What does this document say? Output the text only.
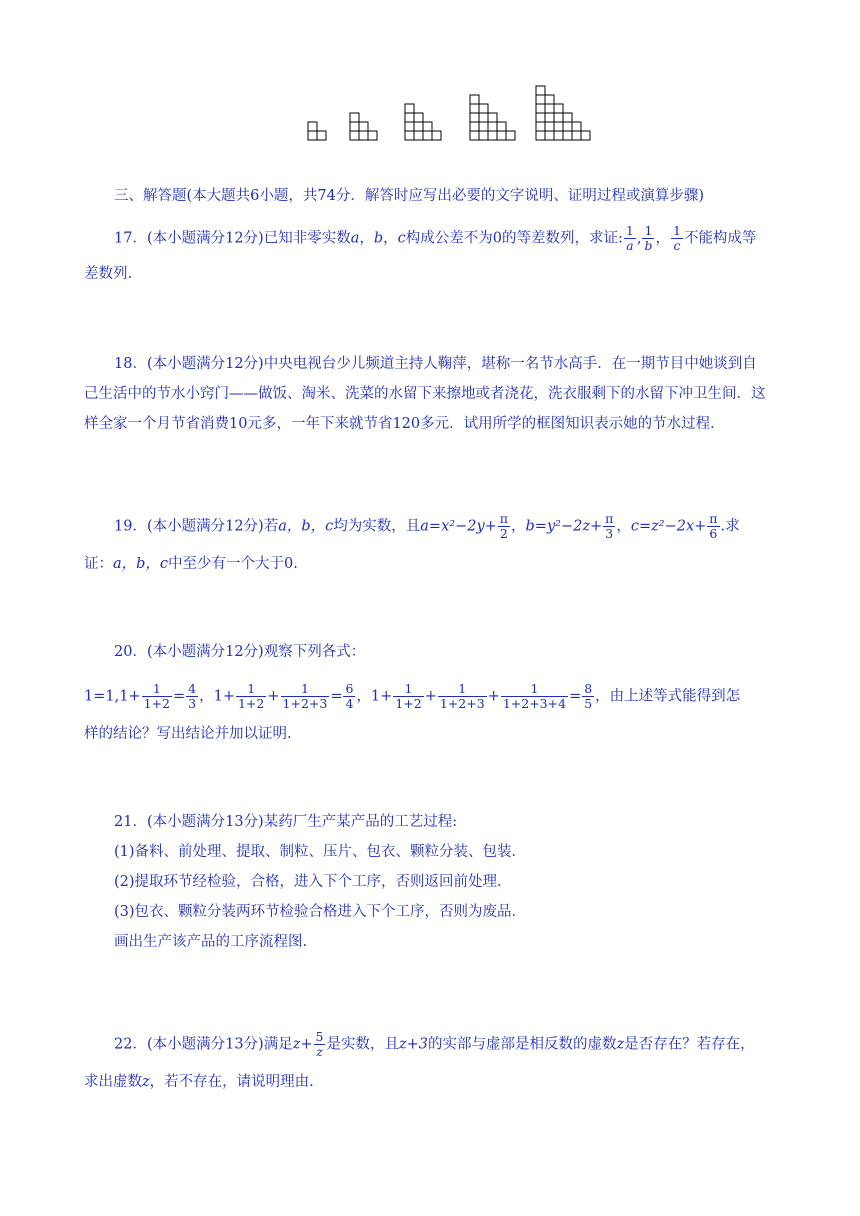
三、解答题(本大题共6小题，共74分．解答时应写出必要的文字说明、证明过程或演算步骤)
17．(本小题满分12分)已知非零实数a，b，c构成公差不为0的等差数列，求证: $\frac{1}{a}$ , $\frac{1}{b}$ ， $\frac{1}{c}$ 不能构成等
差数列.
18．(本小题满分12分)中央电视台少儿频道主持人鞠萍，堪称一名节水高手．在一期节目中她谈到自
己生活中的节水小窍门——做饭、淘米、洗菜的水留下来擦地或者浇花，洗衣服剩下的水留下冲卫生间．这
样全家一个月节省消费10元多，一年下来就节省120多元．试用所学的框图知识表示她的节水过程．
19．(本小题满分12分)若a，b，c均为实数，且$a=x^2-2y+ \frac{\pi}{2}$ ，$b=y^2-2z+ \frac{\pi}{3}$ ，$c=z^2-2x+ \frac{\pi}{6}$ .求
证：a，b，c中至少有一个大于0.
20．(本小题满分12分)观察下列各式：
$1=1,1+ \frac{1}{1+2} = \frac{4}{3}$ ，$1+ \frac{1}{1+2} + \frac{1}{1+2+3} = \frac{6}{4}$ ，$1+ \frac{1}{1+2} + \frac{1}{1+2+3} + \frac{1}{1+2+3+4} = \frac{8}{5}$ ，由上述等式能得到怎
样的结论？写出结论并加以证明.
21．(本小题满分13分)某药厂生产某产品的工艺过程:
(1)备料、前处理、提取、制粒、压片、包衣、颗粒分装、包装．
(2)提取环节经检验，合格，进入下个工序，否则返回前处理．
(3)包衣、颗粒分装两环节检验合格进入下个工序，否则为废品．
画出生产该产品的工序流程图.
22．(本小题满分13分)满足$z+ \frac{5}{z}$ 是实数，且z+3的实部与虚部是相反数的虚数z是否存在？若存在，
求出虚数z，若不存在，请说明理由.
